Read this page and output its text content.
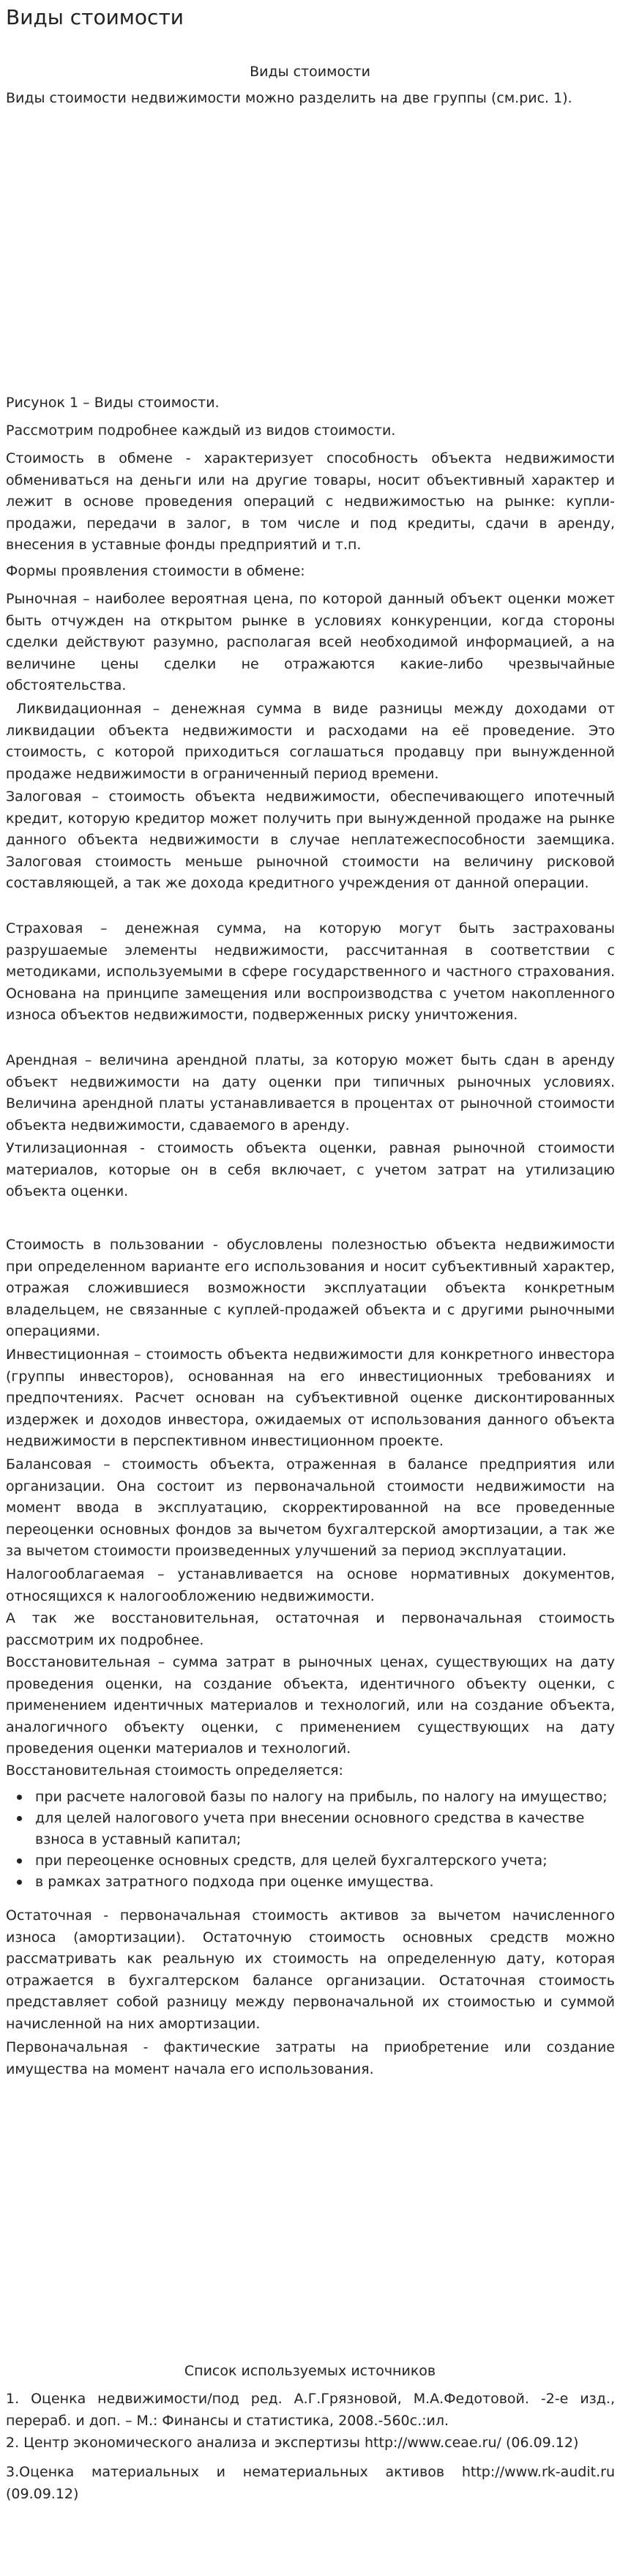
Виды стоимости
Виды стоимости

Виды стоимости недвижимости можно разделить на две группы (см.рис. 1).

Рисунок 1 – Виды стоимости.

Рассмотрим подробнее каждый из видов стоимости.

Стоимость в обмене - характеризует способность объекта недвижимости обмениваться на деньги или на другие товары, носит объективный характер и лежит в основе проведения операций с недвижимостью на рынке: купли-продажи, передачи в залог, в том числе и под кредиты, сдачи в аренду, внесения в уставные фонды предприятий и т.п.

Формы проявления стоимости в обмене:

Рыночная – наиболее вероятная цена, по которой данный объект оценки может быть отчужден на открытом рынке в условиях конкуренции, когда стороны сделки действуют разумно, располагая всей необходимой информацией, а на величине цены сделки не отражаются какие-либо чрезвычайные обстоятельства.

Ликвидационная – денежная сумма в виде разницы между доходами от ликвидации объекта недвижимости и расходами на её проведение. Это стоимость, с которой приходиться соглашаться продавцу при вынужденной продаже недвижимости в ограниченный период времени.

Залоговая – стоимость объекта недвижимости, обеспечивающего ипотечный кредит, которую кредитор может получить при вынужденной продаже на рынке данного объекта недвижимости в случае неплатежеспособности заемщика. Залоговая стоимость меньше рыночной стоимости на величину рисковой составляющей, а так же дохода кредитного учреждения от данной операции.

Страховая – денежная сумма, на которую могут быть застрахованы разрушаемые элементы недвижимости, рассчитанная в соответствии с методиками, используемыми в сфере государственного и частного страхования. Основана на принципе замещения или воспроизводства с учетом накопленного износа объектов недвижимости, подверженных риску уничтожения.

Арендная – величина арендной платы, за которую может быть сдан в аренду объект недвижимости на дату оценки при типичных рыночных условиях. Величина арендной платы устанавливается в процентах от рыночной стоимости объекта недвижимости, сдаваемого в аренду.

Утилизационная - стоимость объекта оценки, равная рыночной стоимости материалов, которые он в себя включает, с учетом затрат на утилизацию объекта оценки.

Стоимость в пользовании - обусловлены полезностью объекта недвижимости при определенном варианте его использования и носит субъективный характер, отражая сложившиеся возможности эксплуатации объекта конкретным владельцем, не связанные с куплей-продажей объекта и с другими рыночными операциями.

Инвестиционная – стоимость объекта недвижимости для конкретного инвестора (группы инвесторов), основанная на его инвестиционных требованиях и предпочтениях. Расчет основан на субъективной оценке дисконтированных издержек и доходов инвестора, ожидаемых от использования данного объекта недвижимости в перспективном инвестиционном проекте.

Балансовая – стоимость объекта, отраженная в балансе предприятия или организации. Она состоит из первоначальной стоимости недвижимости на момент ввода в эксплуатацию, скорректированной на все проведенные переоценки основных фондов за вычетом бухгалтерской амортизации, а так же за вычетом стоимости произведенных улучшений за период эксплуатации.

Налогооблагаемая – устанавливается на основе нормативных документов, относящихся к налогообложению недвижимости.

А так же восстановительная, остаточная и первоначальная стоимость рассмотрим их подробнее.

Восстановительная – сумма затрат в рыночных ценах, существующих на дату проведения оценки, на создание объекта, идентичного объекту оценки, с применением идентичных материалов и технологий, или на создание объекта, аналогичного объекту оценки, с применением существующих на дату проведения оценки материалов и технологий.

Восстановительная стоимость определяется:

при расчете налоговой базы по налогу на прибыль, по налогу на имущество;
для целей налогового учета при внесении основного средства в качестве взноса в уставный капитал;
при переоценке основных средств, для целей бухгалтерского учета;
в рамках затратного подхода при оценке имущества.

Остаточная - первоначальная стоимость активов за вычетом начисленного износа (амортизации). Остаточную стоимость основных средств можно рассматривать как реальную их стоимость на определенную дату, которая отражается в бухгалтерском балансе организации. Остаточная стоимость представляет собой разницу между первоначальной их стоимостью и суммой начисленной на них амортизации.

Первоначальная - фактические затраты на приобретение или создание имущества на момент начала его использования.

Список используемых источников

1. Оценка недвижимости/под ред. А.Г.Грязновой, М.А.Федотовой. -2-е изд., перераб. и доп. – М.: Финансы и статистика, 2008.-560с.:ил.

2. Центр экономического анализа и экспертизы http://www.ceae.ru/ (06.09.12)

3.Оценка материальных и нематериальных активов http://www.rk-audit.ru (09.09.12)
